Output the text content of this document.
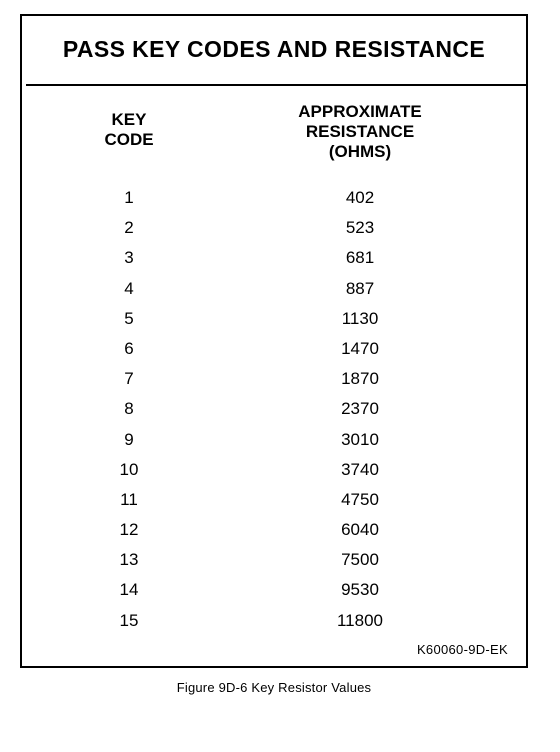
PASS KEY CODES AND RESISTANCE
KEY
CODE
APPROXIMATE
RESISTANCE
(OHMS)
1	402
2	523
3	681
4	887
5	1130
6	1470
7	1870
8	2370
9	3010
10	3740
11	4750
12	6040
13	7500
14	9530
15	11800
K60060-9D-EK
Figure 9D-6 Key Resistor Values
